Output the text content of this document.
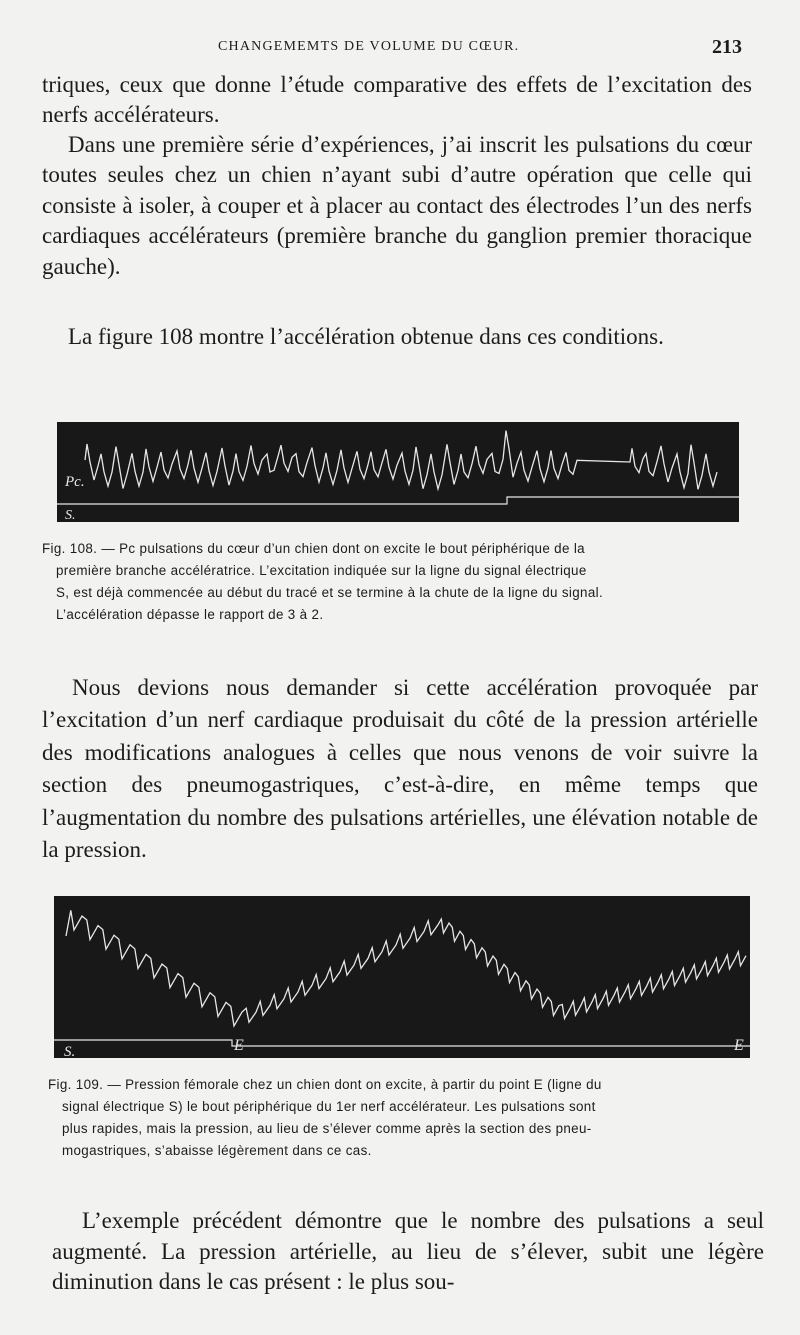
CHANGEMEMTS DE VOLUME DU CŒUR.	213

triques, ceux que donne l’étude comparative des effets de l’excitation des nerfs accélérateurs.

Dans une première série d’expériences, j’ai inscrit les pulsations du cœur toutes seules chez un chien n’ayant subi d’autre opération que celle qui consiste à isoler, à couper et à placer au contact des électrodes l’un des nerfs cardiaques accélérateurs (première branche du ganglion premier thoracique gauche).

La figure 108 montre l’accélération obtenue dans ces conditions.

Pc.
S.

Fig. 108. — Pc pulsations du cœur d’un chien dont on excite le bout périphérique de la
première branche accélératrice. L’excitation indiquée sur la ligne du signal électrique
S, est déjà commencée au début du tracé et se termine à la chute de la ligne du signal.
L’accélération dépasse le rapport de 3 à 2.

Nous devions nous demander si cette accélération provoquée par l’excitation d’un nerf cardiaque produisait du côté de la pression artérielle des modifications analogues à celles que nous venons de voir suivre la section des pneumogastriques, c’est-à-dire, en même temps que l’augmentation du nombre des pulsations artérielles, une élévation notable de la pression.

S.	E	E

Fig. 109. — Pression fémorale chez un chien dont on excite, à partir du point E (ligne du
signal électrique S) le bout périphérique du 1er nerf accélérateur. Les pulsations sont
plus rapides, mais la pression, au lieu de s’élever comme après la section des pneu-
mogastriques, s’abaisse légèrement dans ce cas.

L’exemple précédent démontre que le nombre des pulsations a seul augmenté. La pression artérielle, au lieu de s’élever, subit une légère diminution dans le cas présent : le plus sou-
